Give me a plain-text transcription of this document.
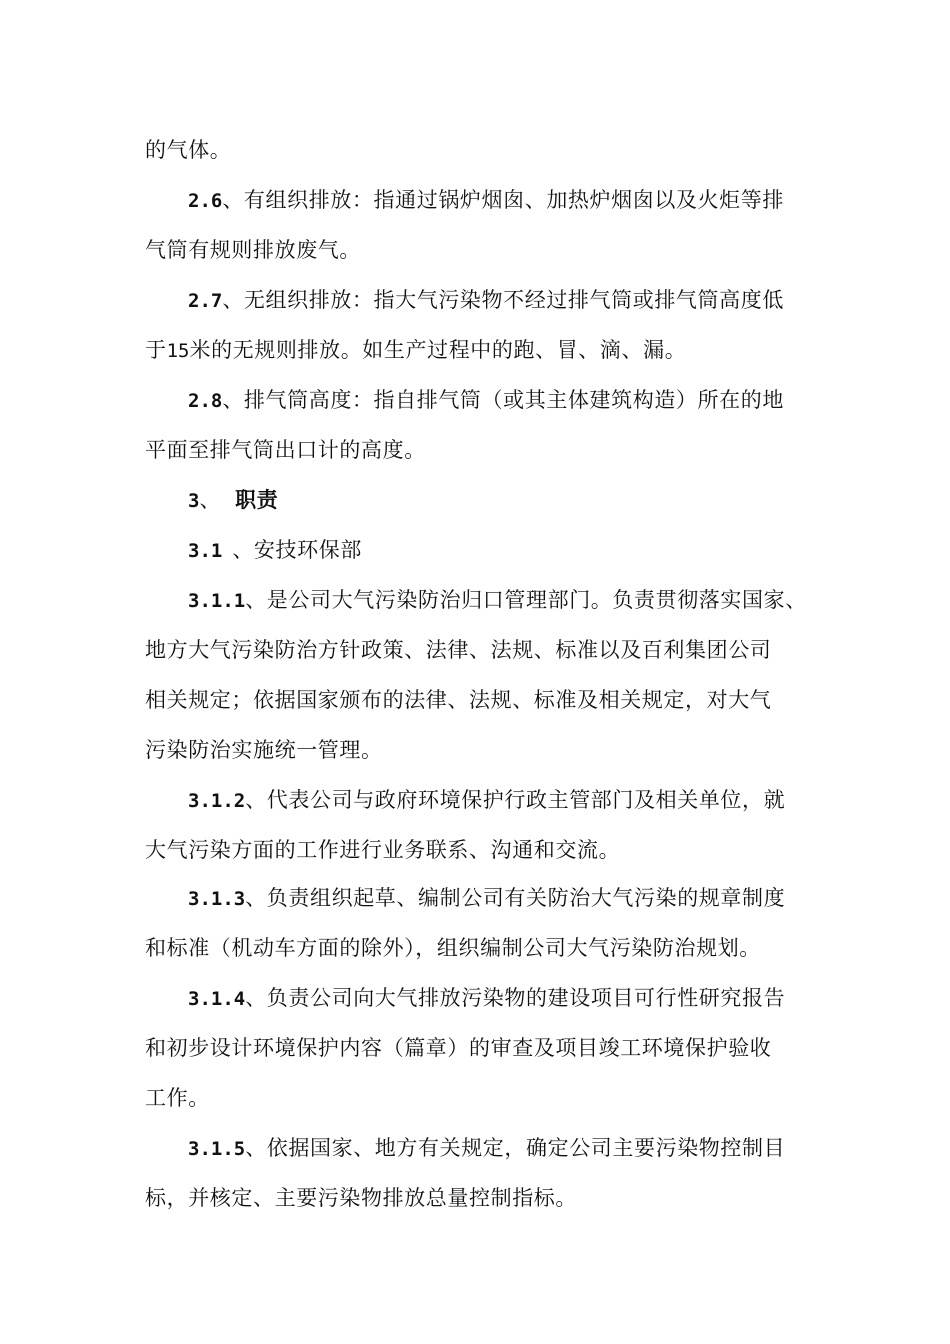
的气体。
2.6、有组织排放：指通过锅炉烟囱、加热炉烟囱以及火炬等排
气筒有规则排放废气。
2.7、无组织排放：指大气污染物不经过排气筒或排气筒高度低
于15米的无规则排放。如生产过程中的跑、冒、滴、漏。
2.8、排气筒高度：指自排气筒（或其主体建筑构造）所在的地
平面至排气筒出口计的高度。
3、 职责
3.1 、安技环保部
3.1.1、是公司大气污染防治归口管理部门。负责贯彻落实国家、
地方大气污染防治方针政策、法律、法规、标准以及百利集团公司
相关规定；依据国家颁布的法律、法规、标准及相关规定，对大气
污染防治实施统一管理。
3.1.2、代表公司与政府环境保护行政主管部门及相关单位，就
大气污染方面的工作进行业务联系、沟通和交流。
3.1.3、负责组织起草、编制公司有关防治大气污染的规章制度
和标准（机动车方面的除外），组织编制公司大气污染防治规划。
3.1.4、负责公司向大气排放污染物的建设项目可行性研究报告
和初步设计环境保护内容（篇章）的审查及项目竣工环境保护验收
工作。
3.1.5、依据国家、地方有关规定，确定公司主要污染物控制目
标，并核定、主要污染物排放总量控制指标。
